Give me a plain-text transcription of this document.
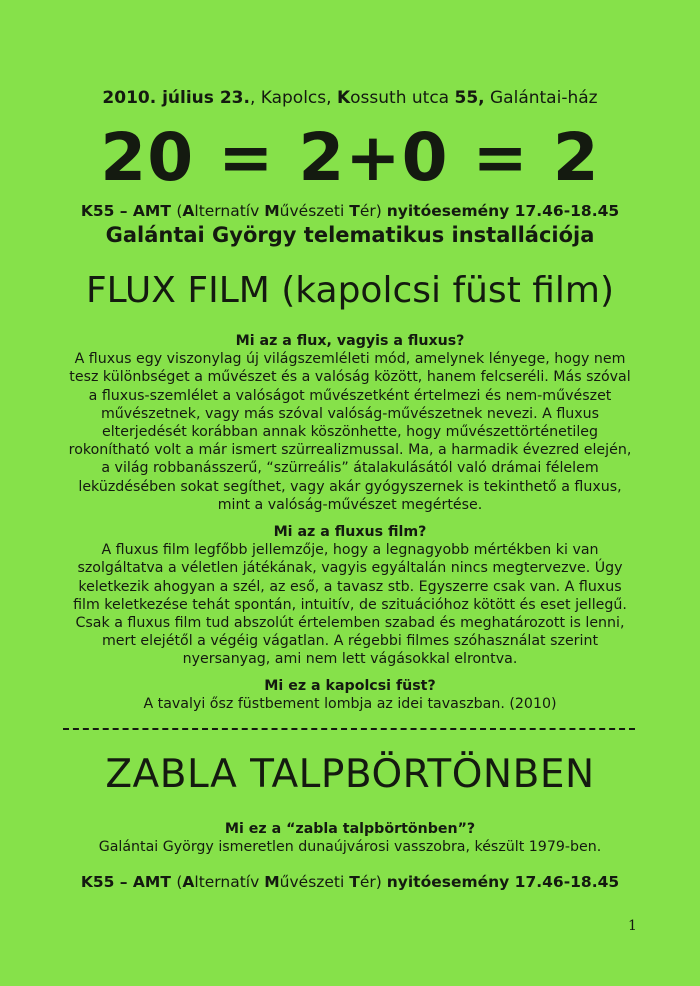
2010. július 23., Kapolcs, Kossuth utca 55, Galántai-ház
20 = 2+0 = 2
K55 – AMT (Alternatív Művészeti Tér) nyitóesemény 17.46-18.45
Galántai György telematikus installációja
FLUX FILM (kapolcsi füst film)
Mi az a flux, vagyis a fluxus?
A fluxus egy viszonylag új világszemléleti mód, amelynek lényege, hogy nem
tesz különbséget a művészet és a valóság között, hanem felcseréli. Más szóval
a fluxus-szemlélet a valóságot művészetként értelmezi és nem-művészet
művészetnek, vagy más szóval valóság-művészetnek nevezi. A fluxus
elterjedését korábban annak köszönhette, hogy művészettörténetileg
rokonítható volt a már ismert szürrealizmussal. Ma, a harmadik évezred elején,
a világ robbanásszerű, “szürreális” átalakulásától való drámai félelem
leküzdésében sokat segíthet, vagy akár gyógyszernek is tekinthető a fluxus,
mint a valóság-művészet megértése.
Mi az a fluxus film?
A fluxus film legfőbb jellemzője, hogy a legnagyobb mértékben ki van
szolgáltatva a véletlen játékának, vagyis egyáltalán nincs megtervezve. Úgy
keletkezik ahogyan a szél, az eső, a tavasz stb. Egyszerre csak van. A fluxus
film keletkezése tehát spontán, intuitív, de szituációhoz kötött és eset jellegű.
Csak a fluxus film tud abszolút értelemben szabad és meghatározott is lenni,
mert elejétől a végéig vágatlan. A régebbi filmes szóhasználat szerint
nyersanyag, ami nem lett vágásokkal elrontva.
Mi ez a kapolcsi füst?
A tavalyi ősz füstbement lombja az idei tavaszban. (2010)
ZABLA TALPBÖRTÖNBEN
Mi ez a “zabla talpbörtönben”?
Galántai György ismeretlen dunaújvárosi vasszobra, készült 1979-ben.
K55 – AMT (Alternatív Művészeti Tér) nyitóesemény 17.46-18.45
1
